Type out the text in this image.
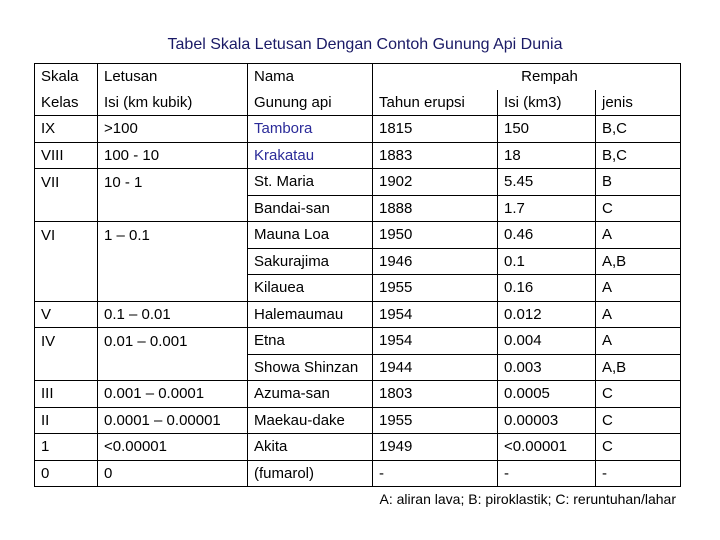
Tabel Skala Letusan Dengan Contoh Gunung Api Dunia
Skala	Letusan	Nama		Rempah	
Kelas	Isi (km kubik)	Gunung api	Tahun erupsi	Isi (km3)	jenis
IX	>100	Tambora	1815	150	B,C
VIII	100 - 10	Krakatau	1883	18	B,C
VII	10 - 1	St. Maria	1902	5.45	B
		Bandai-san	1888	1.7	C
VI	1 – 0.1	Mauna Loa	1950	0.46	A
		Sakurajima	1946	0.1	A,B
		Kilauea	1955	0.16	A
V	0.1 – 0.01	Halemaumau	1954	0.012	A
IV	0.01 – 0.001	Etna	1954	0.004	A
		Showa Shinzan	1944	0.003	A,B
III	0.001 – 0.0001	Azuma-san	1803	0.0005	C
II	0.0001 – 0.00001	Maekau-dake	1955	0.00003	C
1	<0.00001	Akita	1949	<0.00001	C
0	0	(fumarol)	-	-	-
A: aliran lava; B: piroklastik; C: reruntuhan/lahar
